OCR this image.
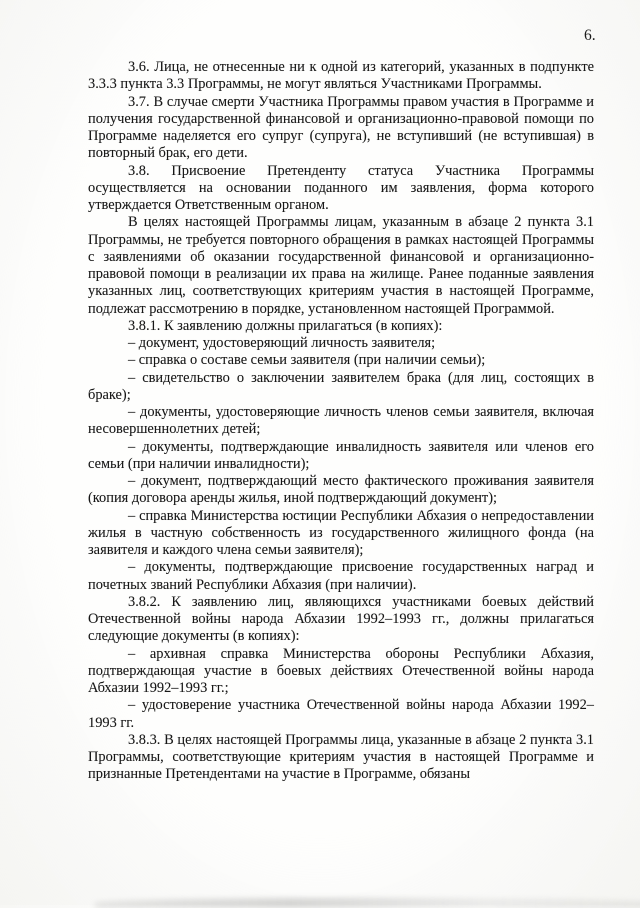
6.

3.6. Лица, не отнесенные ни к одной из категорий, указанных в подпункте 3.3.3 пункта 3.3 Программы, не могут являться Участниками Программы.

3.7. В случае смерти Участника Программы правом участия в Программе и получения государственной финансовой и организационно-правовой помощи по Программе наделяется его супруг (супруга), не вступивший (не вступившая) в повторный брак, его дети.

3.8. Присвоение Претенденту статуса Участника Программы осуществляется на основании поданного им заявления, форма которого утверждается Ответственным органом.

В целях настоящей Программы лицам, указанным в абзаце 2 пункта 3.1 Программы, не требуется повторного обращения в рамках настоящей Программы с заявлениями об оказании государственной финансовой и организационно-правовой помощи в реализации их права на жилище. Ранее поданные заявления указанных лиц, соответствующих критериям участия в настоящей Программе, подлежат рассмотрению в порядке, установленном настоящей Программой.

3.8.1. К заявлению должны прилагаться (в копиях):

– документ, удостоверяющий личность заявителя;

– справка о составе семьи заявителя (при наличии семьи);

– свидетельство о заключении заявителем брака (для лиц, состоящих в браке);

– документы, удостоверяющие личность членов семьи заявителя, включая несовершеннолетних детей;

– документы, подтверждающие инвалидность заявителя или членов его семьи (при наличии инвалидности);

– документ, подтверждающий место фактического проживания заявителя (копия договора аренды жилья, иной подтверждающий документ);

– справка Министерства юстиции Республики Абхазия о непредоставлении жилья в частную собственность из государственного жилищного фонда (на заявителя и каждого члена семьи заявителя);

– документы, подтверждающие присвоение государственных наград и почетных званий Республики Абхазия (при наличии).

3.8.2. К заявлению лиц, являющихся участниками боевых действий Отечественной войны народа Абхазии 1992–1993 гг., должны прилагаться следующие документы (в копиях):

– архивная справка Министерства обороны Республики Абхазия, подтверждающая участие в боевых действиях Отечественной войны народа Абхазии 1992–1993 гг.;

– удостоверение участника Отечественной войны народа Абхазии 1992–1993 гг.

3.8.3. В целях настоящей Программы лица, указанные в абзаце 2 пункта 3.1 Программы, соответствующие критериям участия в настоящей Программе и признанные Претендентами на участие в Программе, обязаны
